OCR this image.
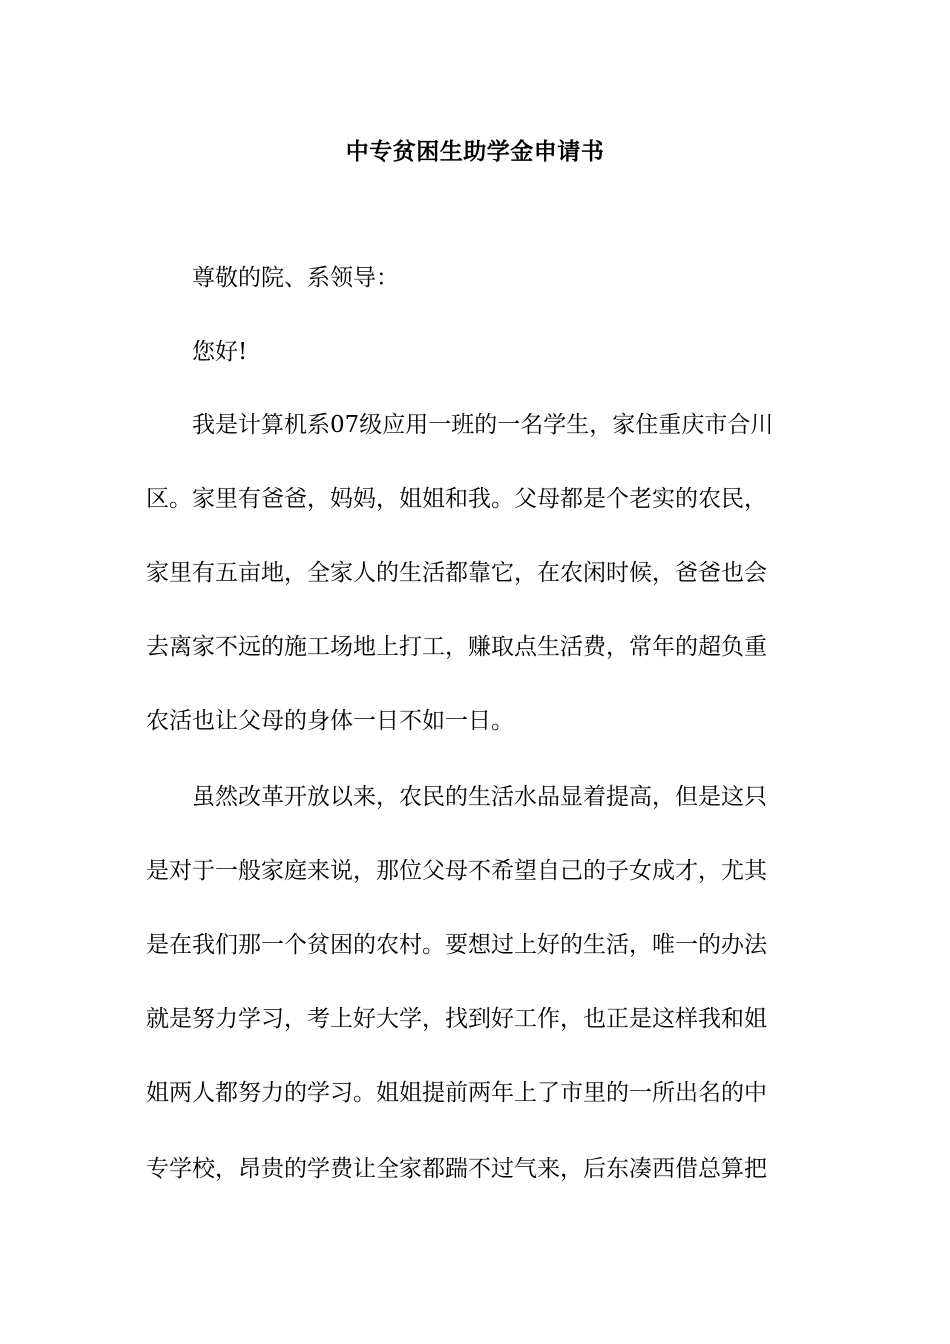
中专贫困生助学金申请书
尊敬的院、系领导：
您好!
我是计算机系07级应用一班的一名学生，家住重庆市合川
区。家里有爸爸，妈妈，姐姐和我。父母都是个老实的农民，
家里有五亩地，全家人的生活都靠它，在农闲时候，爸爸也会
去离家不远的施工场地上打工，赚取点生活费，常年的超负重
农活也让父母的身体一日不如一日。
虽然改革开放以来，农民的生活水品显着提高，但是这只
是对于一般家庭来说，那位父母不希望自己的子女成才，尤其
是在我们那一个贫困的农村。要想过上好的生活，唯一的办法
就是努力学习，考上好大学，找到好工作，也正是这样我和姐
姐两人都努力的学习。姐姐提前两年上了市里的一所出名的中
专学校，昂贵的学费让全家都踹不过气来，后东凑西借总算把
